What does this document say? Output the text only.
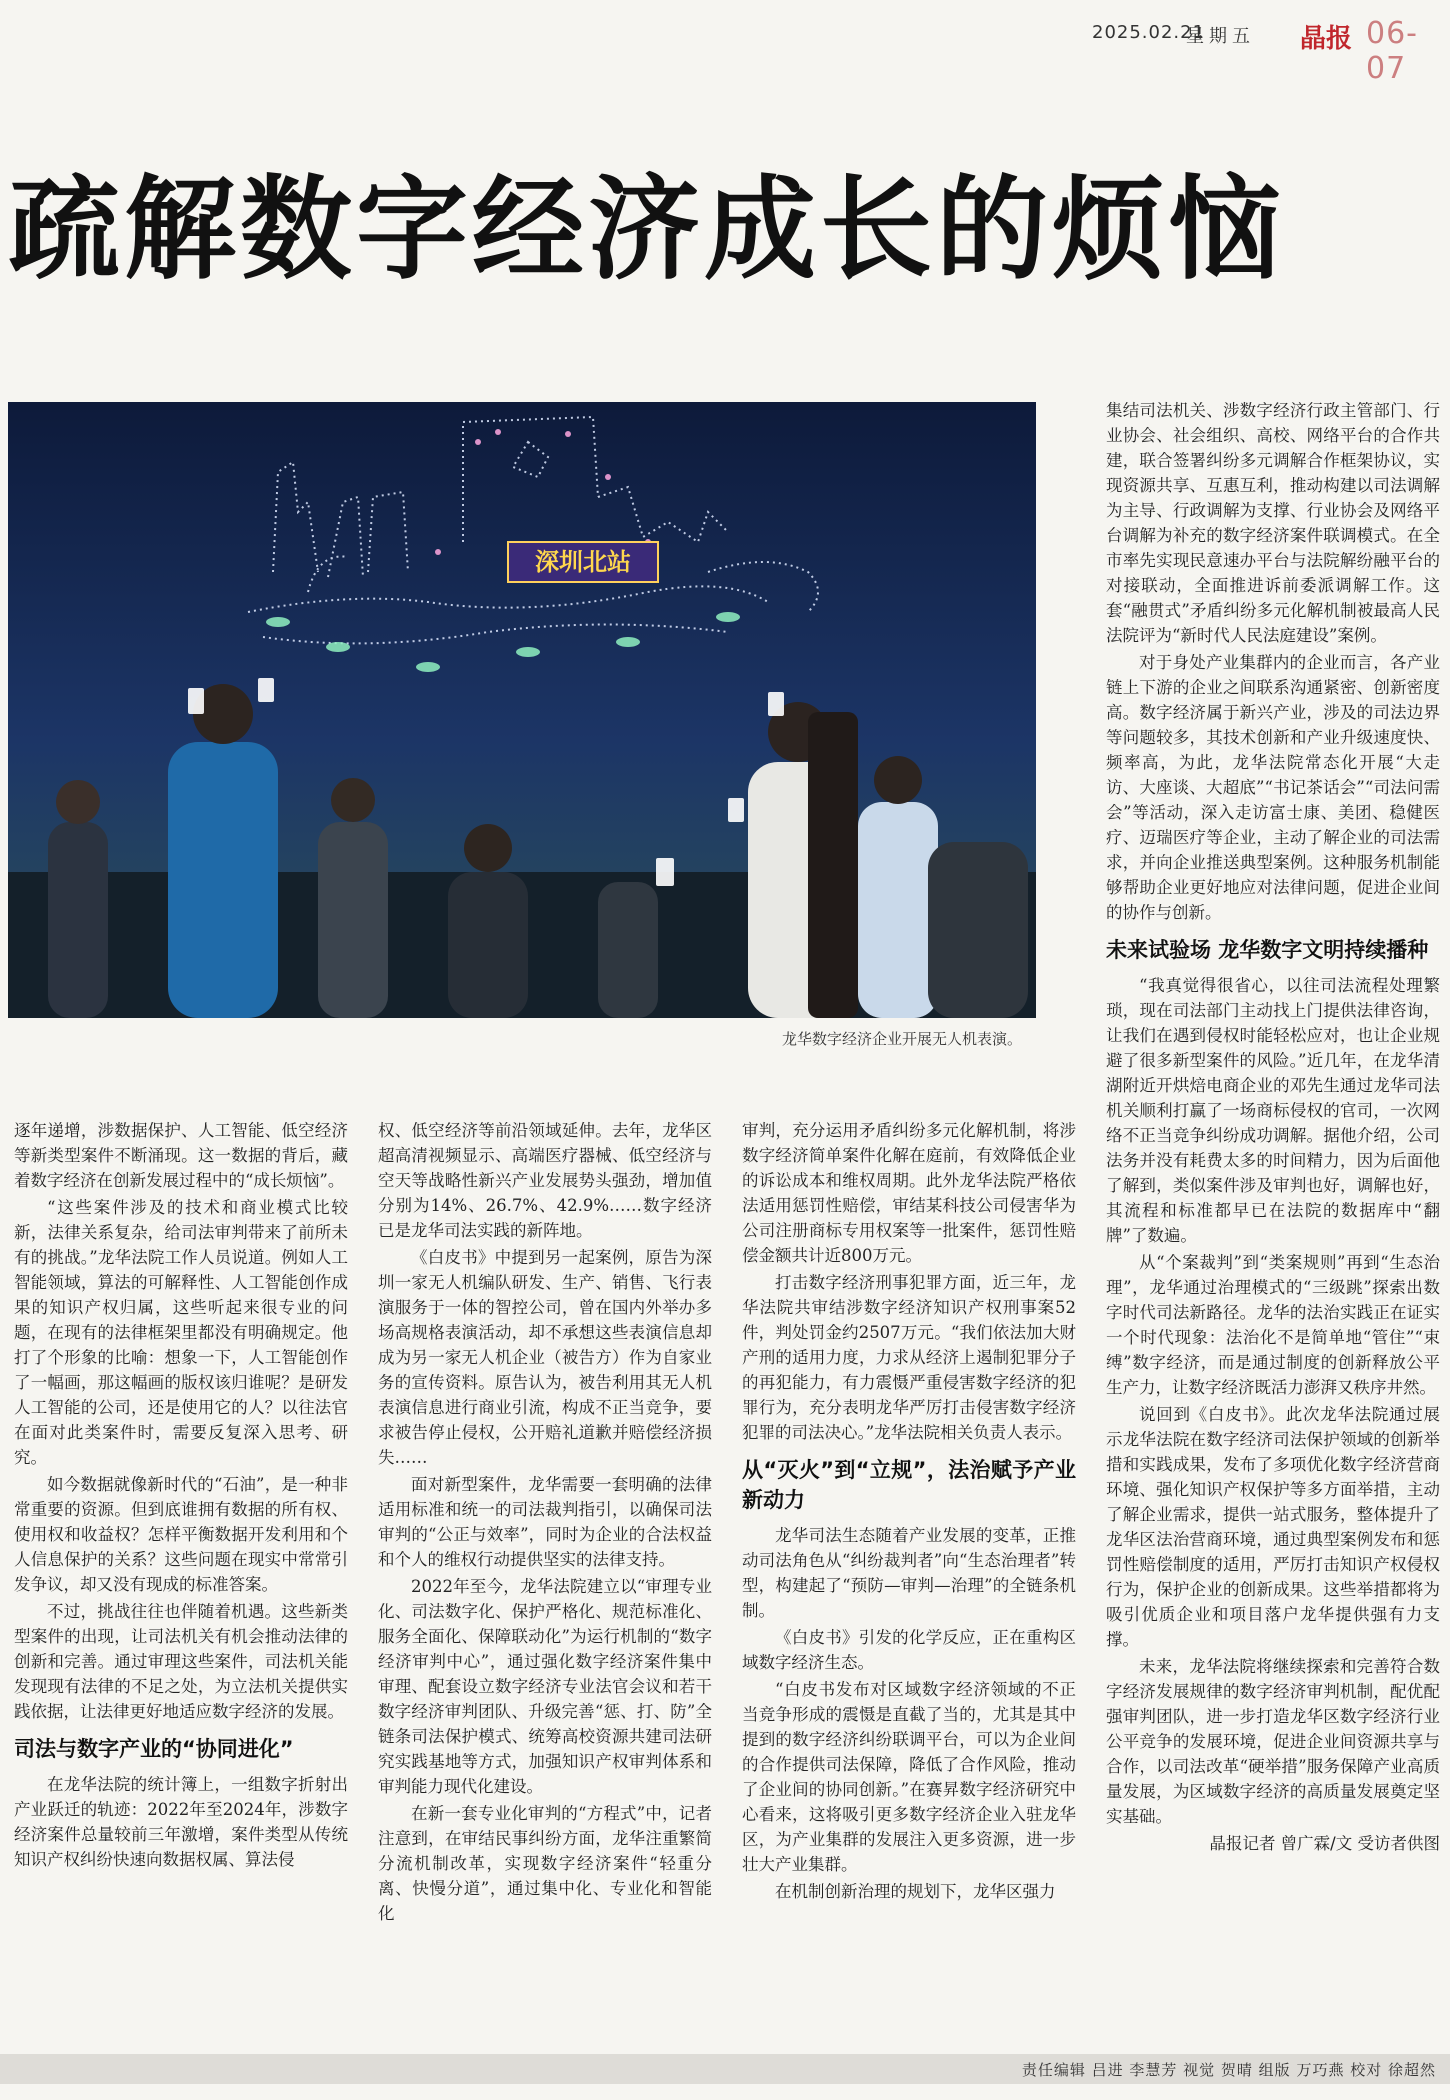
2025.02.21
星期五 晶报 06-07
疏解数字经济成长的烦恼
深圳北站
龙华数字经济企业开展无人机表演。

集结司法机关、涉数字经济行政主管部门、行业协会、社会组织、高校、网络平台的合作共建，联合签署纠纷多元调解合作框架协议，实现资源共享、互惠互利，推动构建以司法调解为主导、行政调解为支撑、行业协会及网络平台调解为补充的数字经济案件联调模式。在全市率先实现民意速办平台与法院解纷融平台的对接联动，全面推进诉前委派调解工作。这套“融贯式”矛盾纠纷多元化解机制被最高人民法院评为“新时代人民法庭建设”案例。

对于身处产业集群内的企业而言，各产业链上下游的企业之间联系沟通紧密、创新密度高。数字经济属于新兴产业，涉及的司法边界等问题较多，其技术创新和产业升级速度快、频率高，为此，龙华法院常态化开展“大走访、大座谈、大超底”“书记茶话会”“司法问需会”等活动，深入走访富士康、美团、稳健医疗、迈瑞医疗等企业，主动了解企业的司法需求，并向企业推送典型案例。这种服务机制能够帮助企业更好地应对法律问题，促进企业间的协作与创新。

未来试验场 龙华数字文明持续播种

“我真觉得很省心，以往司法流程处理繁琐，现在司法部门主动找上门提供法律咨询，让我们在遇到侵权时能轻松应对，也让企业规避了很多新型案件的风险。”近几年，在龙华清湖附近开烘焙电商企业的邓先生通过龙华司法机关顺利打赢了一场商标侵权的官司，一次网络不正当竞争纠纷成功调解。据他介绍，公司法务并没有耗费太多的时间精力，因为后面他了解到，类似案件涉及审判也好，调解也好，其流程和标准都早已在法院的数据库中“翻牌”了数遍。

从“个案裁判”到“类案规则”再到“生态治理”，龙华通过治理模式的“三级跳”探索出数字时代司法新路径。龙华的法治实践正在证实一个时代现象：法治化不是简单地“管住”“束缚”数字经济，而是通过制度的创新释放公平生产力，让数字经济既活力澎湃又秩序井然。

说回到《白皮书》。此次龙华法院通过展示龙华法院在数字经济司法保护领域的创新举措和实践成果，发布了多项优化数字经济营商环境、强化知识产权保护等多方面举措，主动了解企业需求，提供一站式服务，整体提升了龙华区法治营商环境，通过典型案例发布和惩罚性赔偿制度的适用，严厉打击知识产权侵权行为，保护企业的创新成果。这些举措都将为吸引优质企业和项目落户龙华提供强有力支撑。

未来，龙华法院将继续探索和完善符合数字经济发展规律的数字经济审判机制，配优配强审判团队，进一步打造龙华区数字经济行业公平竞争的发展环境，促进企业间资源共享与合作，以司法改革“硬举措”服务保障产业高质量发展，为区域数字经济的高质量发展奠定坚实基础。

晶报记者 曾广霖/文 受访者供图

逐年递增，涉数据保护、人工智能、低空经济等新类型案件不断涌现。这一数据的背后，藏着数字经济在创新发展过程中的“成长烦恼”。

“这些案件涉及的技术和商业模式比较新，法律关系复杂，给司法审判带来了前所未有的挑战。”龙华法院工作人员说道。例如人工智能领域，算法的可解释性、人工智能创作成果的知识产权归属，这些听起来很专业的问题，在现有的法律框架里都没有明确规定。他打了个形象的比喻：想象一下，人工智能创作了一幅画，那这幅画的版权该归谁呢？是研发人工智能的公司，还是使用它的人？以往法官在面对此类案件时，需要反复深入思考、研究。

如今数据就像新时代的“石油”，是一种非常重要的资源。但到底谁拥有数据的所有权、使用权和收益权？怎样平衡数据开发利用和个人信息保护的关系？这些问题在现实中常常引发争议，却又没有现成的标准答案。

不过，挑战往往也伴随着机遇。这些新类型案件的出现，让司法机关有机会推动法律的创新和完善。通过审理这些案件，司法机关能发现现有法律的不足之处，为立法机关提供实践依据，让法律更好地适应数字经济的发展。

司法与数字产业的“协同进化”

在龙华法院的统计簿上，一组数字折射出产业跃迁的轨迹：2022年至2024年，涉数字经济案件总量较前三年激增，案件类型从传统知识产权纠纷快速向数据权属、算法侵

权、低空经济等前沿领域延伸。去年，龙华区超高清视频显示、高端医疗器械、低空经济与空天等战略性新兴产业发展势头强劲，增加值分别为14%、26.7%、42.9%……数字经济已是龙华司法实践的新阵地。

《白皮书》中提到另一起案例，原告为深圳一家无人机编队研发、生产、销售、飞行表演服务于一体的智控公司，曾在国内外举办多场高规格表演活动，却不承想这些表演信息却成为另一家无人机企业（被告方）作为自家业务的宣传资料。原告认为，被告利用其无人机表演信息进行商业引流，构成不正当竞争，要求被告停止侵权，公开赔礼道歉并赔偿经济损失……

面对新型案件，龙华需要一套明确的法律适用标准和统一的司法裁判指引，以确保司法审判的“公正与效率”，同时为企业的合法权益和个人的维权行动提供坚实的法律支持。

2022年至今，龙华法院建立以“审理专业化、司法数字化、保护严格化、规范标准化、服务全面化、保障联动化”为运行机制的“数字经济审判中心”，通过强化数字经济案件集中审理、配套设立数字经济专业法官会议和若干数字经济审判团队、升级完善“惩、打、防”全链条司法保护模式、统筹高校资源共建司法研究实践基地等方式，加强知识产权审判体系和审判能力现代化建设。

在新一套专业化审判的“方程式”中，记者注意到，在审结民事纠纷方面，龙华注重繁简分流机制改革，实现数字经济案件“轻重分离、快慢分道”，通过集中化、专业化和智能化

审判，充分运用矛盾纠纷多元化解机制，将涉数字经济简单案件化解在庭前，有效降低企业的诉讼成本和维权周期。此外龙华法院严格依法适用惩罚性赔偿，审结某科技公司侵害华为公司注册商标专用权案等一批案件，惩罚性赔偿金额共计近800万元。

打击数字经济刑事犯罪方面，近三年，龙华法院共审结涉数字经济知识产权刑事案52件，判处罚金约2507万元。“我们依法加大财产刑的适用力度，力求从经济上遏制犯罪分子的再犯能力，有力震慑严重侵害数字经济的犯罪行为，充分表明龙华严厉打击侵害数字经济犯罪的司法决心。”龙华法院相关负责人表示。

从“灭火”到“立规”，法治赋予产业新动力

龙华司法生态随着产业发展的变革，正推动司法角色从“纠纷裁判者”向“生态治理者”转型，构建起了“预防—审判—治理”的全链条机制。

《白皮书》引发的化学反应，正在重构区域数字经济生态。

“白皮书发布对区域数字经济领域的不正当竞争形成的震慑是直截了当的，尤其是其中提到的数字经济纠纷联调平台，可以为企业间的合作提供司法保障，降低了合作风险，推动了企业间的协同创新。”在赛昇数字经济研究中心看来，这将吸引更多数字经济企业入驻龙华区，为产业集群的发展注入更多资源，进一步壮大产业集群。

在机制创新治理的规划下，龙华区强力

责任编辑 吕进 李慧芳 视觉 贺晴 组版 万巧燕 校对 徐超然
